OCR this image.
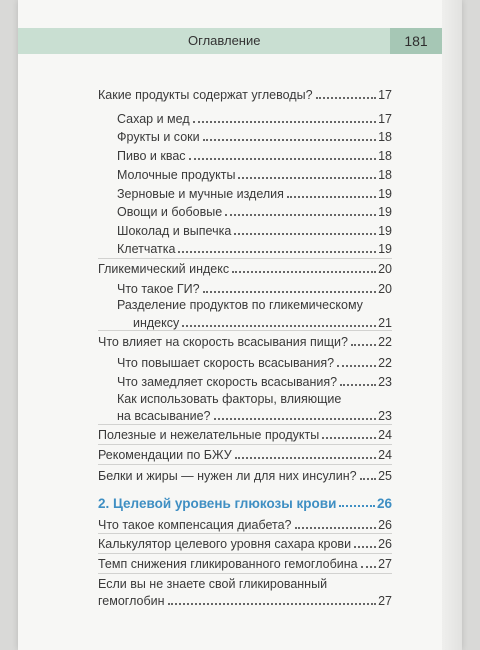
Оглавление	181
Какие продукты содержат углеводы?	17
Сахар и мед	17
Фрукты и соки	18
Пиво и квас	18
Молочные продукты	18
Зерновые и мучные изделия	19
Овощи и бобовые	19
Шоколад и выпечка	19
Клетчатка	19
Гликемический индекс	20
Что такое ГИ?	20
Разделение продуктов по гликемическому
индексу	21
Что влияет на скорость всасывания пищи? 22
Что повышает скорость всасывания?	22
Что замедляет скорость всасывания?	23
Как использовать факторы, влияющие
на всасывание?	23
Полезные и нежелательные продукты	24
Рекомендации по БЖУ	24
Белки и жиры — нужен ли для них инсулин? 25
2. Целевой уровень глюкозы крови	26
Что такое компенсация диабета?	26
Калькулятор целевого уровня сахара крови 26
Темп снижения гликированного гемоглобина 27
Если вы не знаете свой гликированный
гемоглобин	27
